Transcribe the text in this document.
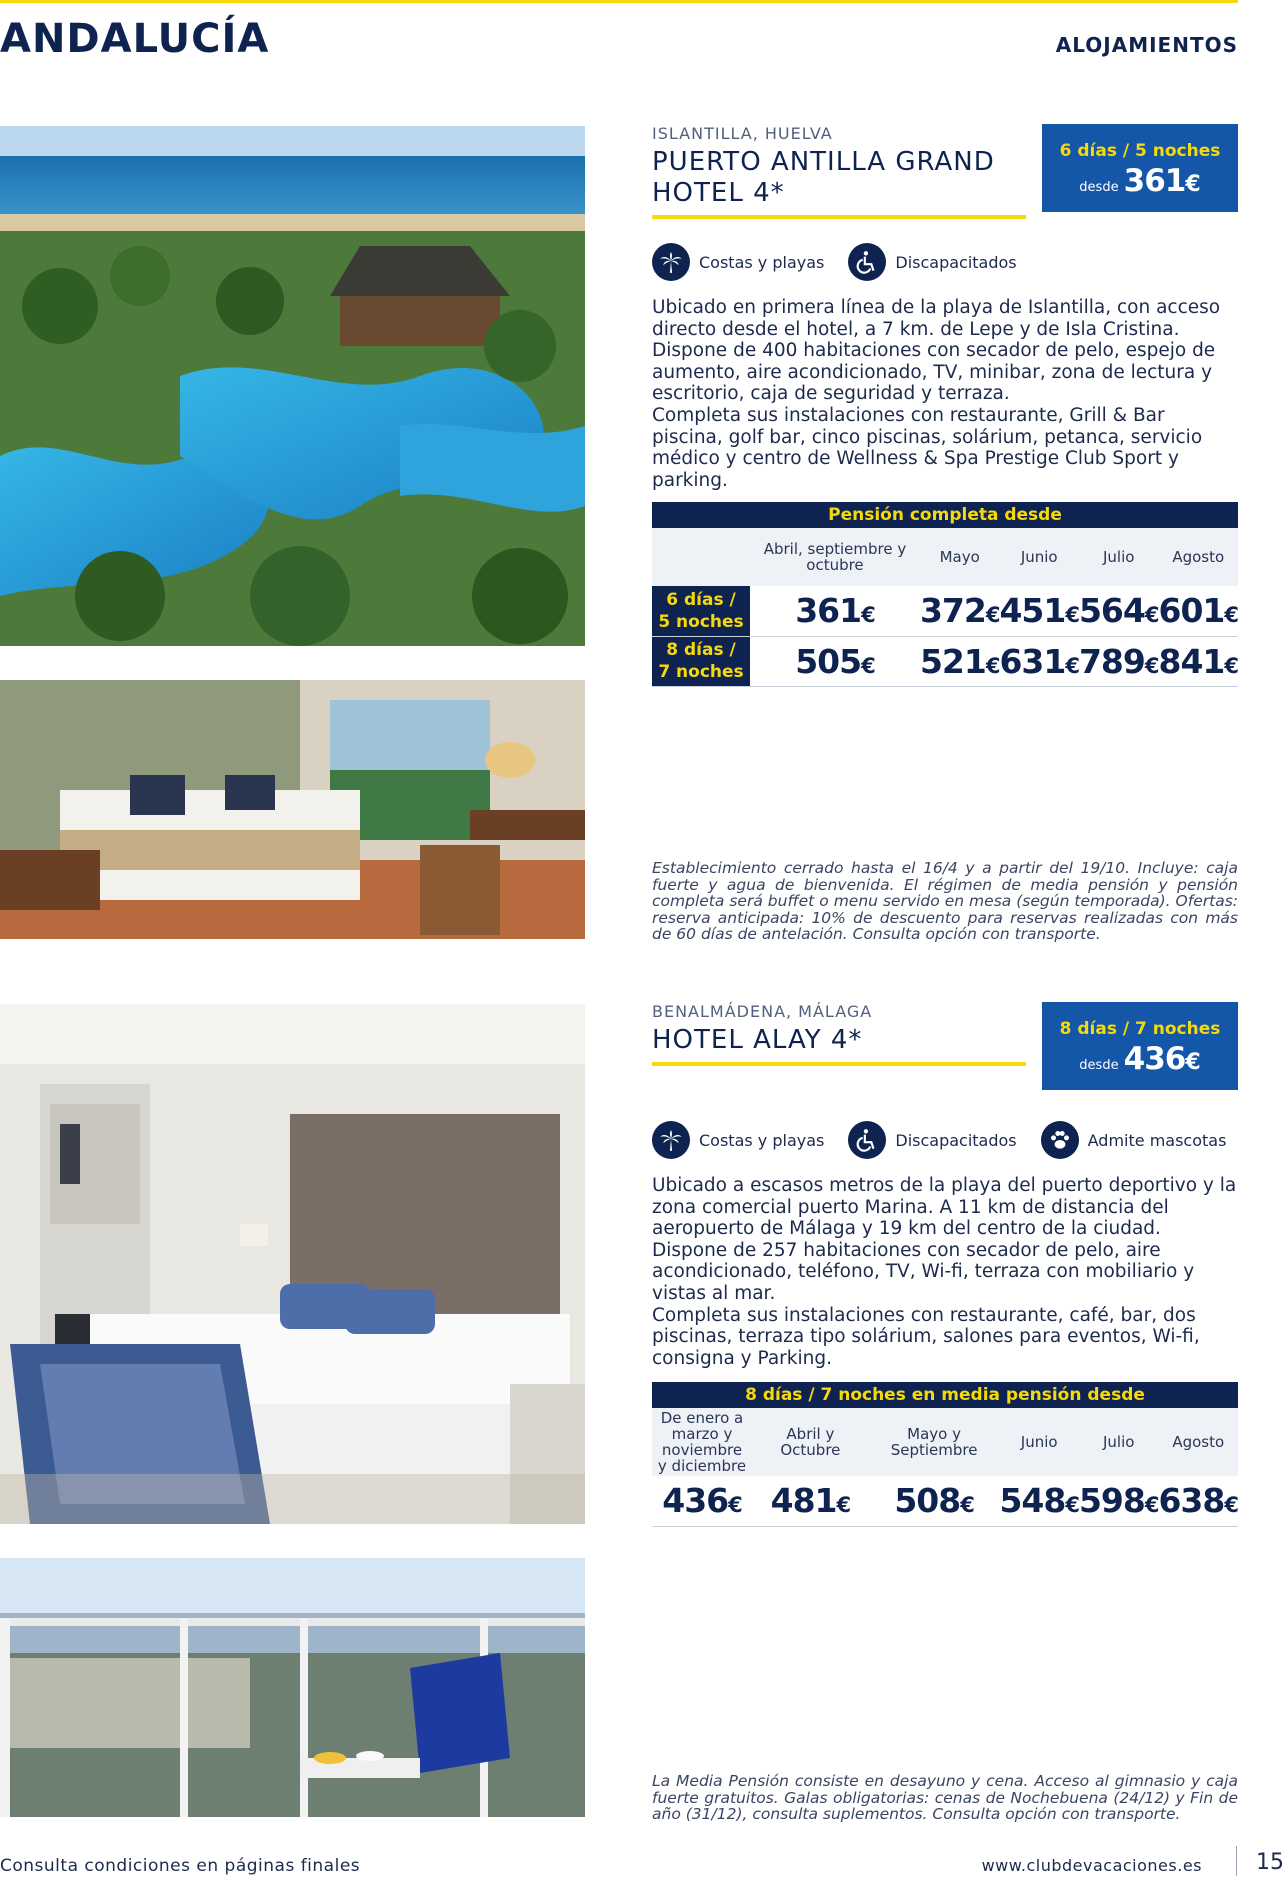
ANDALUCÍA	ALOJAMIENTOS
ISLANTILLA, HUELVA
PUERTO ANTILLA GRAND
HOTEL 4*
6 días / 5 noches
desde 361€
Costas y playas	Discapacitados

Ubicado en primera línea de la playa de Islantilla, con acceso directo desde el hotel, a 7 km. de Lepe y de Isla Cristina.

Dispone de 400 habitaciones con secador de pelo, espejo de aumento, aire acondicionado, TV, minibar, zona de lectura y escritorio, caja de seguridad y terraza.

Completa sus instalaciones con restaurante, Grill & Bar piscina, golf bar, cinco piscinas, solárium, petanca, servicio médico y centro de Wellness & Spa Prestige Club Sport y parking.

Pensión completa desde					
	Abril, septiembre y octubre	Mayo	Junio	Julio	Agosto
6 días /
5 noches	361€	372€	451€	564€	601€
8 días /
7 noches	505€	521€	631€	789€	841€
Establecimiento cerrado hasta el 16/4 y a partir del 19/10. Incluye: caja fuerte y agua de bienvenida. El régimen de media pensión y pensión completa será buffet o menu servido en mesa (según temporada). Ofertas: reserva anticipada: 10% de descuento para reservas realizadas con más de 60 días de antelación. Consulta opción con transporte.
BENALMÁDENA, MÁLAGA
HOTEL ALAY 4*	8 días / 7 noches
desde 436€
Costas y playas	Discapacitados	Admite mascotas

Ubicado a escasos metros de la playa del puerto deportivo y la zona comercial puerto Marina. A 11 km de distancia del aeropuerto de Málaga y 19 km del centro de la ciudad.

Dispone de 257 habitaciones con secador de pelo, aire acondicionado, teléfono, TV, Wi-fi, terraza con mobiliario y vistas al mar.

Completa sus instalaciones con restaurante, café, bar, dos piscinas, terraza tipo solárium, salones para eventos, Wi-fi, consigna y Parking.

8 días / 7 noches en media pensión desde					
De enero a marzo y noviembre y diciembre	Abril y Octubre	Mayo y Septiembre	Junio	Julio	Agosto
436€	481€	508€	548€	598€	638€
La Media Pensión consiste en desayuno y cena. Acceso al gimnasio y caja fuerte gratuitos. Galas obligatorias: cenas de Nochebuena (24/12) y Fin de año (31/12), consulta suplementos. Consulta opción con transporte.
Consulta condiciones en páginas finales	www.clubdevacaciones.es 15
